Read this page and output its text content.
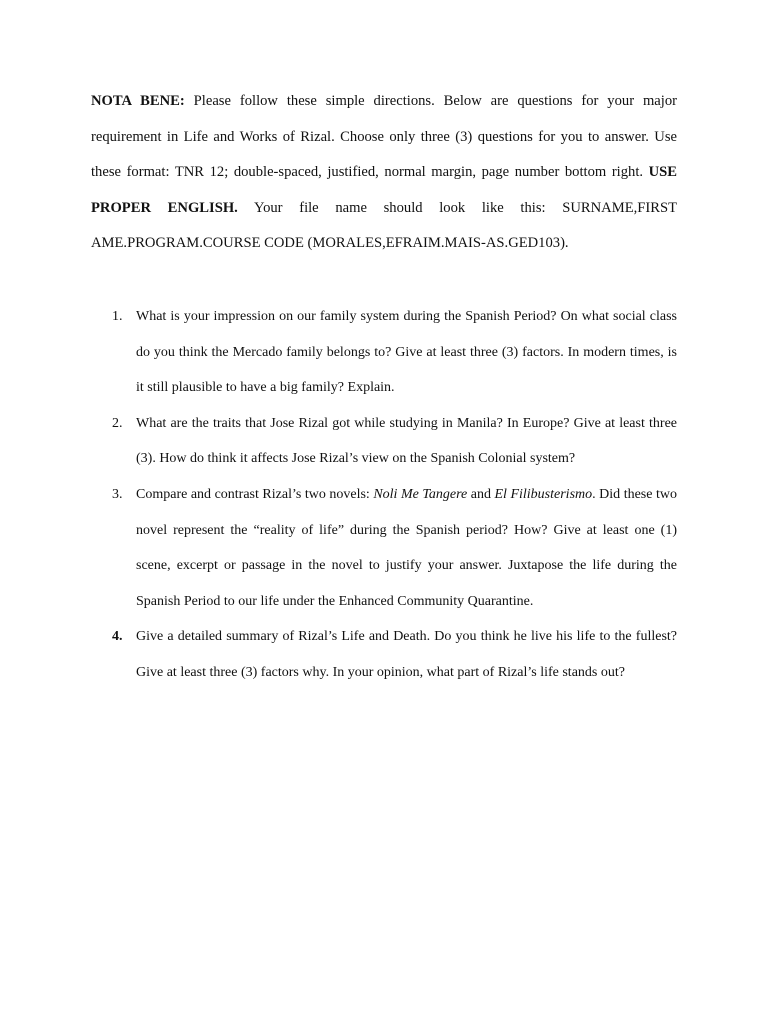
NOTA BENE: Please follow these simple directions. Below are questions for your major requirement in Life and Works of Rizal. Choose only three (3) questions for you to answer. Use these format: TNR 12; double-spaced, justified, normal margin, page number bottom right. USE PROPER ENGLISH. Your file name should look like this: SURNAME,FIRST AME.PROGRAM.COURSE CODE (MORALES,EFRAIM.MAIS-AS.GED103).

1. What is your impression on our family system during the Spanish Period? On what social class do you think the Mercado family belongs to? Give at least three (3) factors. In modern times, is it still plausible to have a big family? Explain.
2. What are the traits that Jose Rizal got while studying in Manila? In Europe? Give at least three (3). How do think it affects Jose Rizal’s view on the Spanish Colonial system?
3. Compare and contrast Rizal’s two novels: Noli Me Tangere and El Filibusterismo. Did these two novel represent the “reality of life” during the Spanish period? How? Give at least one (1) scene, excerpt or passage in the novel to justify your answer. Juxtapose the life during the Spanish Period to our life under the Enhanced Community Quarantine.
4. Give a detailed summary of Rizal’s Life and Death. Do you think he live his life to the fullest? Give at least three (3) factors why. In your opinion, what part of Rizal’s life stands out?
